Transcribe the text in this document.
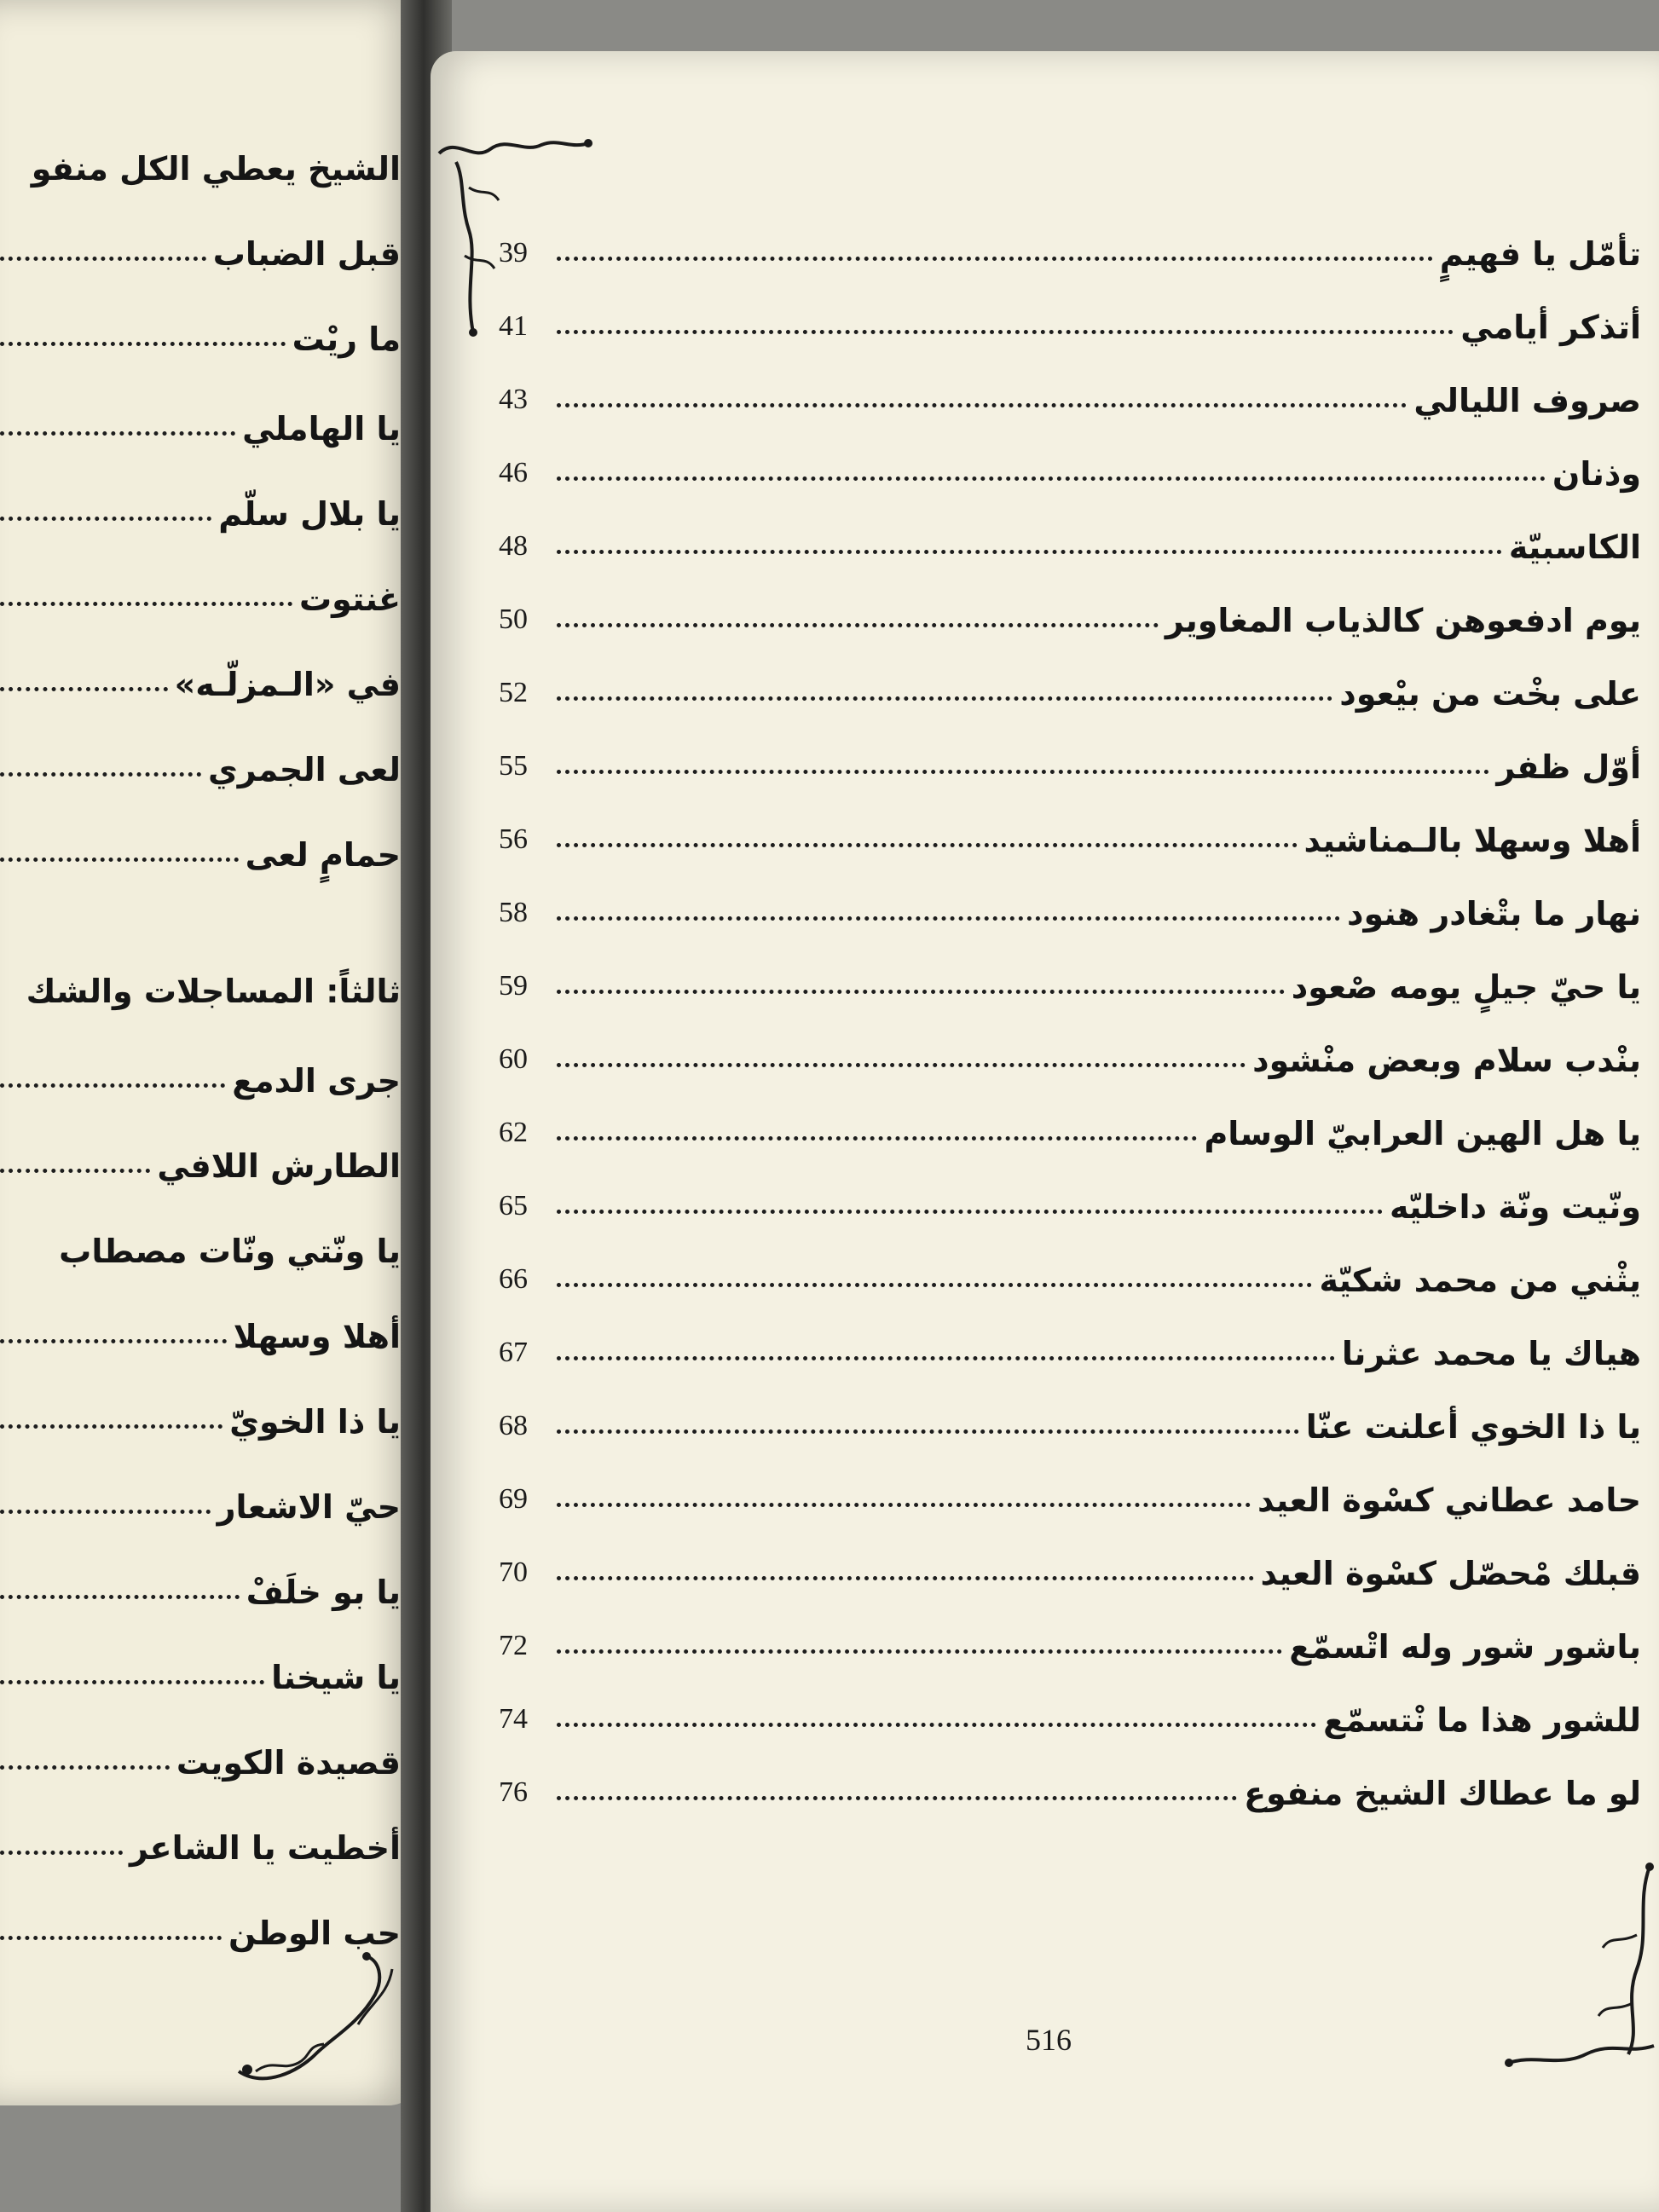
تأمّل يا فهيمٍ
39
أتذكر أيامي
41
صروف الليالي
43
وذنان
46
الكاسبيّة
48
يوم ادفعوهن كالذياب المغاوير
50
على بخْت من بيْعود
52
أوّل ظفر
55
أهلا وسهلا بالـمناشيد
56
نهار ما بتْغادر هنود
58
يا حيّ جيلٍ يومه صْعود
59
بنْدب سلام وبعض منْشود
60
يا هل الهين العرابيّ الوسام
62
ونّيت ونّة داخليّه
65
يثْني من محمد شكيّة
66
هياك يا محمد عثرنا
67
يا ذا الخوي أعلنت عنّا
68
حامد عطاني كسْوة العيد
69
قبلك مْحصّل كسْوة العيد
70
باشور شور وله اتْسمّع
72
للشور هذا ما نْتسمّع
74
لو ما عطاك الشيخ منفوع
76
516
الشيخ يعطي الكل منفو
قبل الضباب
ما ريْت
يا الهاملي
يا بلال سلّم
غنتوت
في «الـمزلّـه»
لعى الجمري
حمامٍ لعى
ثالثاً: المساجلات والشك
جرى الدمع
الطارش اللافي
يا ونّتي ونّات مصطاب
أهلا وسهلا
يا ذا الخويّ
حيّ الاشعار
يا بو خلَفْ
يا شيخنا
قصيدة الكويت
أخطيت يا الشاعر
حب الوطن
